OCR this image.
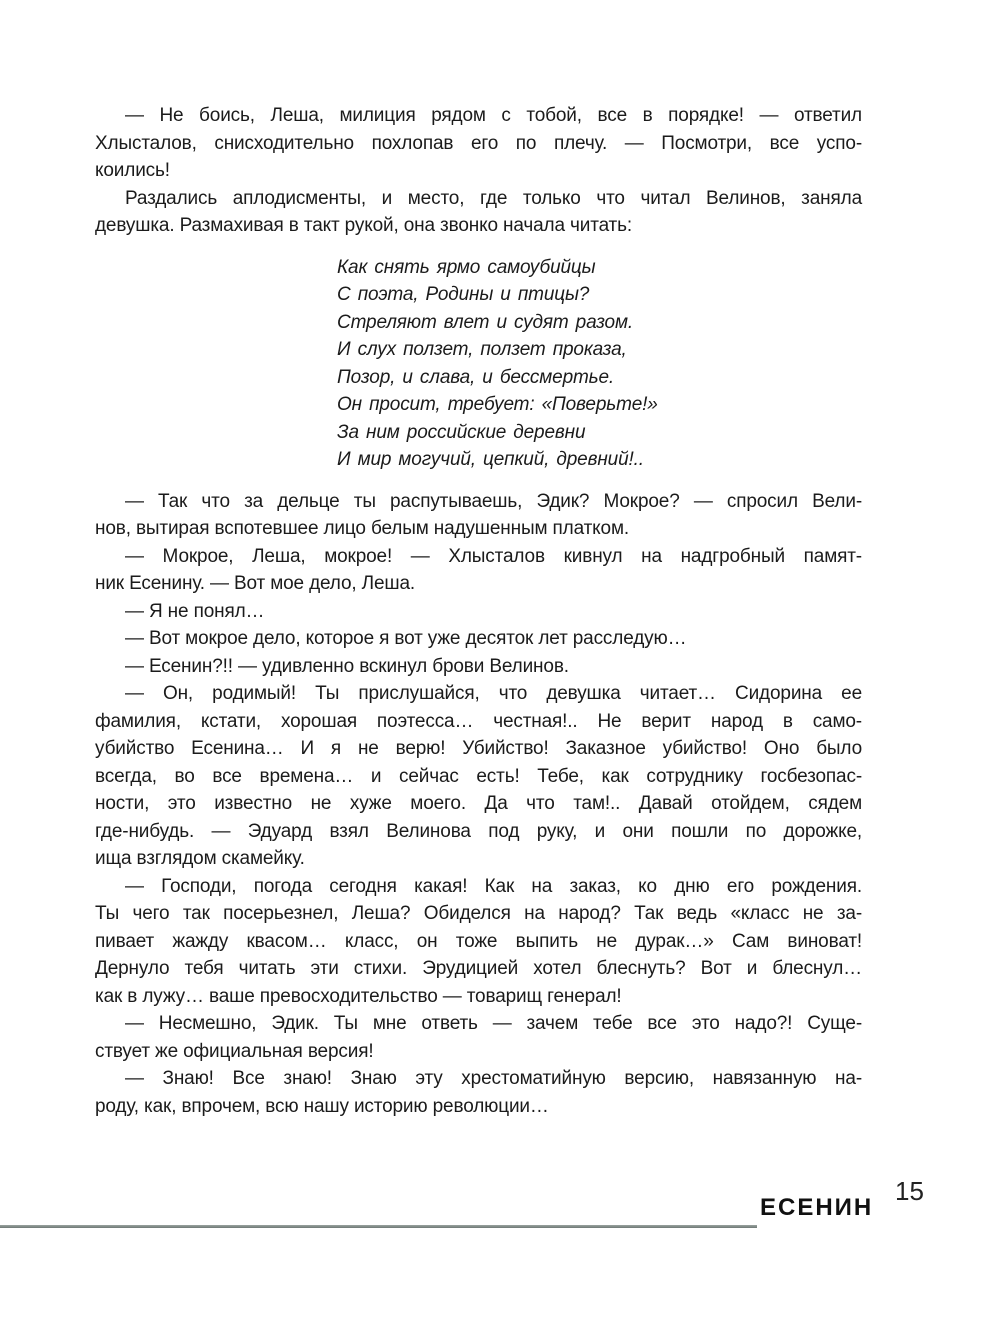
— Не боись, Леша, милиция рядом с тобой, все в порядке! — ответил
Хлысталов, снисходительно похлопав его по плечу. — Посмотри, все успо-
коились!
Раздались аплодисменты, и место, где только что читал Велинов, заняла
девушка. Размахивая в такт рукой, она звонко начала читать:
Как снять ярмо самоубийцы
С поэта, Родины и птицы?
Стреляют влет и судят разом.
И слух ползет, ползет проказа,
Позор, и слава, и бессмертье.
Он просит, требует: «Поверьте!»
За ним российские деревни
И мир могучий, цепкий, древний!..
— Так что за дельце ты распутываешь, Эдик? Мокрое? — спросил Вели-
нов, вытирая вспотевшее лицо белым надушенным платком.
— Мокрое, Леша, мокрое! — Хлысталов кивнул на надгробный памят-
ник Есенину. — Вот мое дело, Леша.
— Я не понял…
— Вот мокрое дело, которое я вот уже десяток лет расследую…
— Есенин?!! — удивленно вскинул брови Велинов.
— Он, родимый! Ты прислушайся, что девушка читает… Сидорина ее
фамилия, кстати, хорошая поэтесса… честная!.. Не верит народ в само-
убийство Есенина… И я не верю! Убийство! Заказное убийство! Оно было
всегда, во все времена… и сейчас есть! Тебе, как сотруднику госбезопас-
ности, это известно не хуже моего. Да что там!.. Давай отойдем, сядем
где-нибудь. — Эдуард взял Велинова под руку, и они пошли по дорожке,
ища взглядом скамейку.
— Господи, погода сегодня какая! Как на заказ, ко дню его рождения.
Ты чего так посерьезнел, Леша? Обиделся на народ? Так ведь «класс не за-
пивает жажду квасом… класс, он тоже выпить не дурак…» Сам виноват!
Дернуло тебя читать эти стихи. Эрудицией хотел блеснуть? Вот и блеснул…
как в лужу… ваше превосходительство — товарищ генерал!
— Несмешно, Эдик. Ты мне ответь — зачем тебе все это надо?! Суще-
ствует же официальная версия!
— Знаю! Все знаю! Знаю эту хрестоматийную версию, навязанную на-
роду, как, впрочем, всю нашу историю революции…
ЕСЕНИН
15
